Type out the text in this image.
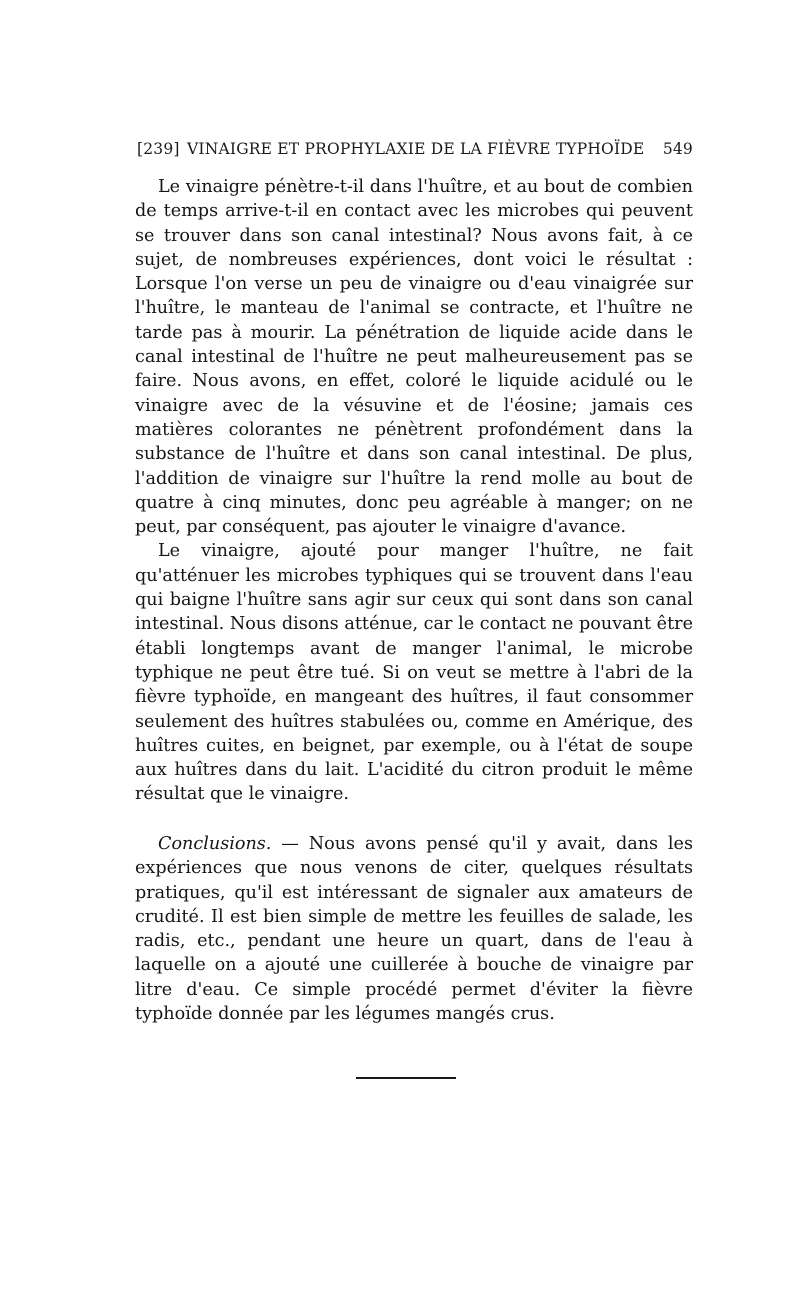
[239] VINAIGRE ET PROPHYLAXIE DE LA FIÈVRE TYPHOÏDE 549

Le vinaigre pénètre-t-il dans l'huître, et au bout de combien de temps arrive-t-il en contact avec les microbes qui peuvent se trouver dans son canal intestinal? Nous avons fait, à ce sujet, de nombreuses expériences, dont voici le résultat : Lorsque l'on verse un peu de vinaigre ou d'eau vinaigrée sur l'huître, le manteau de l'animal se contracte, et l'huître ne tarde pas à mourir. La pénétration de liquide acide dans le canal intestinal de l'huître ne peut malheureusement pas se faire. Nous avons, en effet, coloré le liquide acidulé ou le vinaigre avec de la vésuvine et de l'éosine; jamais ces matières colorantes ne pénètrent profondément dans la substance de l'huître et dans son canal intestinal. De plus, l'addition de vinaigre sur l'huître la rend molle au bout de quatre à cinq minutes, donc peu agréable à manger; on ne peut, par conséquent, pas ajouter le vinaigre d'avance.

Le vinaigre, ajouté pour manger l'huître, ne fait qu'atténuer les microbes typhiques qui se trouvent dans l'eau qui baigne l'huître sans agir sur ceux qui sont dans son canal intestinal. Nous disons atténue, car le contact ne pouvant être établi longtemps avant de manger l'animal, le microbe typhique ne peut être tué. Si on veut se mettre à l'abri de la fièvre typhoïde, en mangeant des huîtres, il faut consommer seulement des huîtres stabulées ou, comme en Amérique, des huîtres cuites, en beignet, par exemple, ou à l'état de soupe aux huîtres dans du lait. L'acidité du citron produit le même résultat que le vinaigre.

Conclusions. — Nous avons pensé qu'il y avait, dans les expériences que nous venons de citer, quelques résultats pratiques, qu'il est intéressant de signaler aux amateurs de crudité. Il est bien simple de mettre les feuilles de salade, les radis, etc., pendant une heure un quart, dans de l'eau à laquelle on a ajouté une cuillerée à bouche de vinaigre par litre d'eau. Ce simple procédé permet d'éviter la fièvre typhoïde donnée par les légumes mangés crus.
